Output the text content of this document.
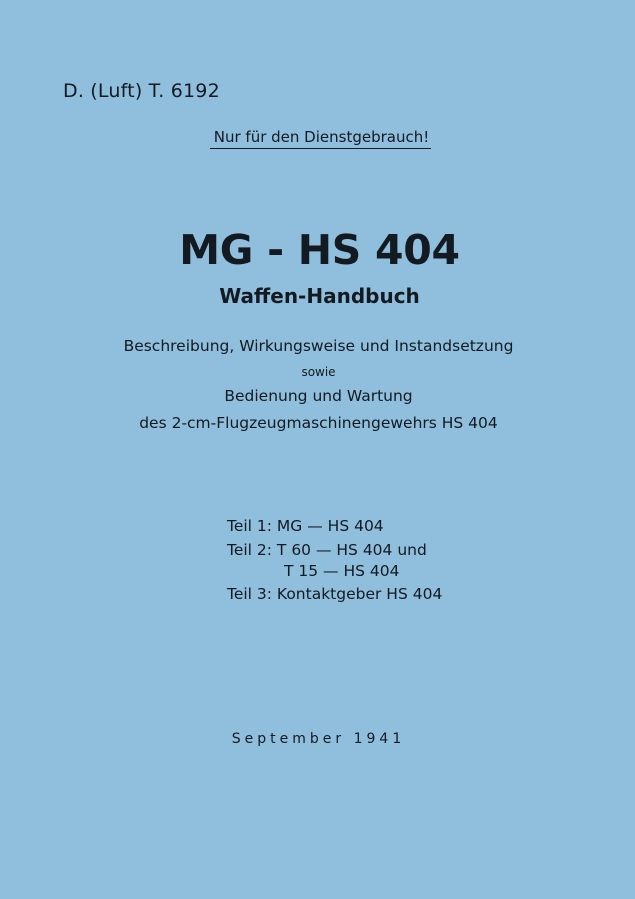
D. (Luft) T. 6192
Nur für den Dienstgebrauch!
MG - HS 404
Waffen-Handbuch
Beschreibung, Wirkungsweise und Instandsetzung
sowie
Bedienung und Wartung
des 2-cm-Flugzeugmaschinengewehrs HS 404
Teil 1: MG — HS 404
Teil 2: T 60 — HS 404 und
T 15 — HS 404
Teil 3: Kontaktgeber HS 404
September 1941
